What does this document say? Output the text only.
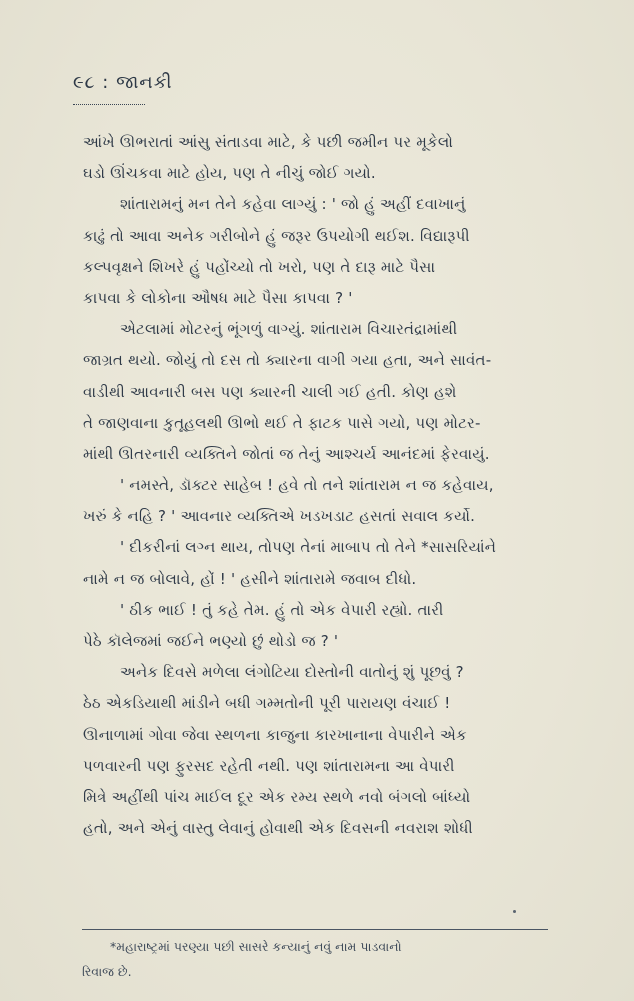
૯૮ : જાનકી
આંખે ઊભરાતાં આંસુ સંતાડવા માટે, કે પછી જમીન પર મૂકેલો
ઘડો ઊંચકવા માટે હોય, પણ તે નીચું જોઈ ગયો.
શાંતારામનું મન તેને કહેવા લાગ્યું : ' જો હું અહીં દવાખાનું
કાઢું તો આવા અનેક ગરીબોને હું જરૂર ઉપયોગી થઈશ. વિદ્યારૂપી
કલ્પવૃક્ષને શિખરે હું પહોંચ્યો તો ખરો, પણ તે દારૂ માટે પૈસા
કાપવા કે લોકોના ઔષધ માટે પૈસા કાપવા ? '
એટલામાં મોટરનું ભૂંગળું વાગ્યું. શાંતારામ વિચારતંદ્રામાંથી
જાગ્રત થયો. જોયું તો દસ તો ક્યારના વાગી ગયા હતા, અને સાવંત-
વાડીથી આવનારી બસ પણ ક્યારની ચાલી ગઈ હતી. કોણ હશે
તે જાણવાના કુતૂહલથી ઊભો થઈ તે ફાટક પાસે ગયો, પણ મોટર-
માંથી ઊતરનારી વ્યક્તિને જોતાં જ તેનું આશ્ચર્ય આનંદમાં ફેરવાયું.
' નમસ્તે, ડૉક્ટર સાહેબ ! હવે તો તને શાંતારામ ન જ કહેવાય,
ખરું કે નહિ ? ' આવનાર વ્યક્તિએ ખડખડાટ હસતાં સવાલ કર્યો.
' દીકરીનાં લગ્ન થાય, તોપણ તેનાં માબાપ તો તેને *સાસરિયાંને
નામે ન જ બોલાવે, હોં ! ' હસીને શાંતારામે જવાબ દીધો.
' ઠીક ભાઈ ! તું કહે તેમ. હું તો એક વેપારી રહ્યો. તારી
પેઠે કૉલેજમાં જઈને ભણ્યો છું થોડો જ ? '
અનેક દિવસે મળેલા લંગોટિયા દોસ્તોની વાતોનું શું પૂછવું ?
ઠેઠ એકડિયાથી માંડીને બધી ગમ્મતોની પૂરી પારાયણ વંચાઈ !
ઊનાળામાં ગોવા જેવા સ્થળના કાજુના કારખાનાના વેપારીને એક
પળવારની પણ ફુરસદ રહેતી નથી. પણ શાંતારામના આ વેપારી
મિત્રે અહીંથી પાંચ માઈલ દૂર એક રમ્ય સ્થળે નવો બંગલો બાંધ્યો
હતો, અને એનું વાસ્તુ લેવાનું હોવાથી એક દિવસની નવરાશ શોધી
*મહારાષ્ટ્રમાં પરણ્યા પછી સાસરે કન્યાનું નવું નામ પાડવાનો
રિવાજ છે.
